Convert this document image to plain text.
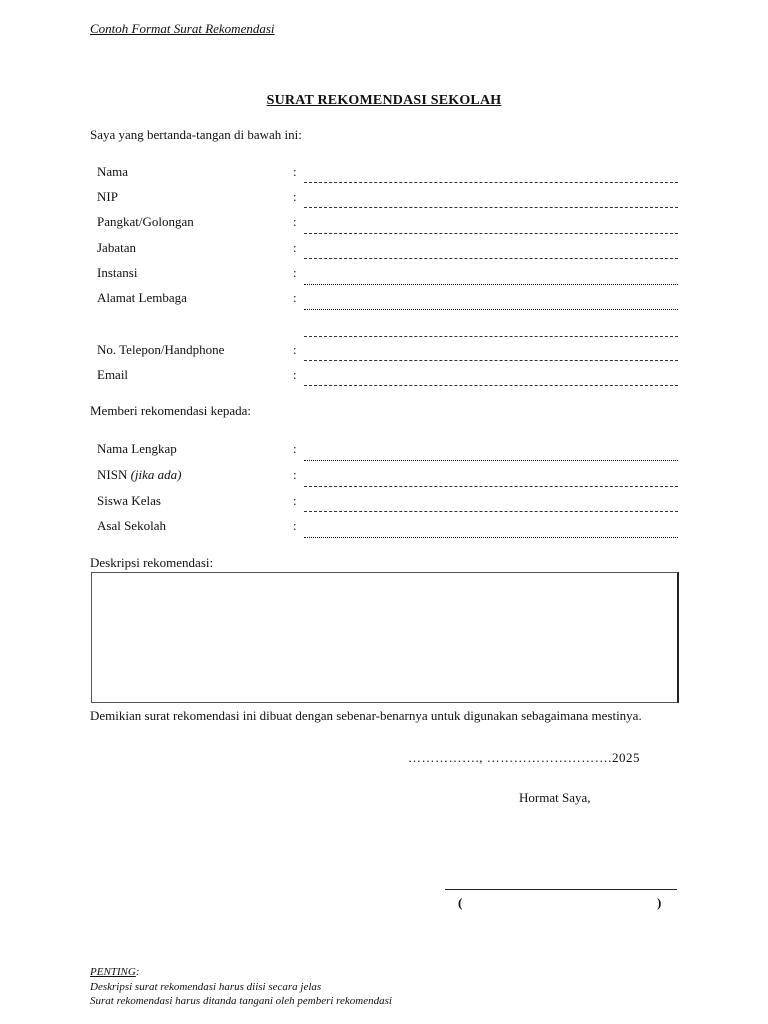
Contoh Format Surat Rekomendasi
SURAT REKOMENDASI SEKOLAH
Saya yang bertanda-tangan di bawah ini:
Nama	:
NIP	:
Pangkat/Golongan	:
Jabatan	:
Instansi	:
Alamat Lembaga	:
No. Telepon/Handphone	:
Email	:
Memberi rekomendasi kepada:
Nama Lengkap	:
NISN (jika ada)	:
Siswa Kelas	:
Asal Sekolah	:
Deskripsi rekomendasi:
Demikian surat rekomendasi ini dibuat dengan sebenar-benarnya untuk digunakan sebagaimana mestinya.
……………., ……………………….2025
Hormat Saya,
(	)
PENTING:
Deskripsi surat rekomendasi harus diisi secara jelas
Surat rekomendasi harus ditanda tangani oleh pemberi rekomendasi
